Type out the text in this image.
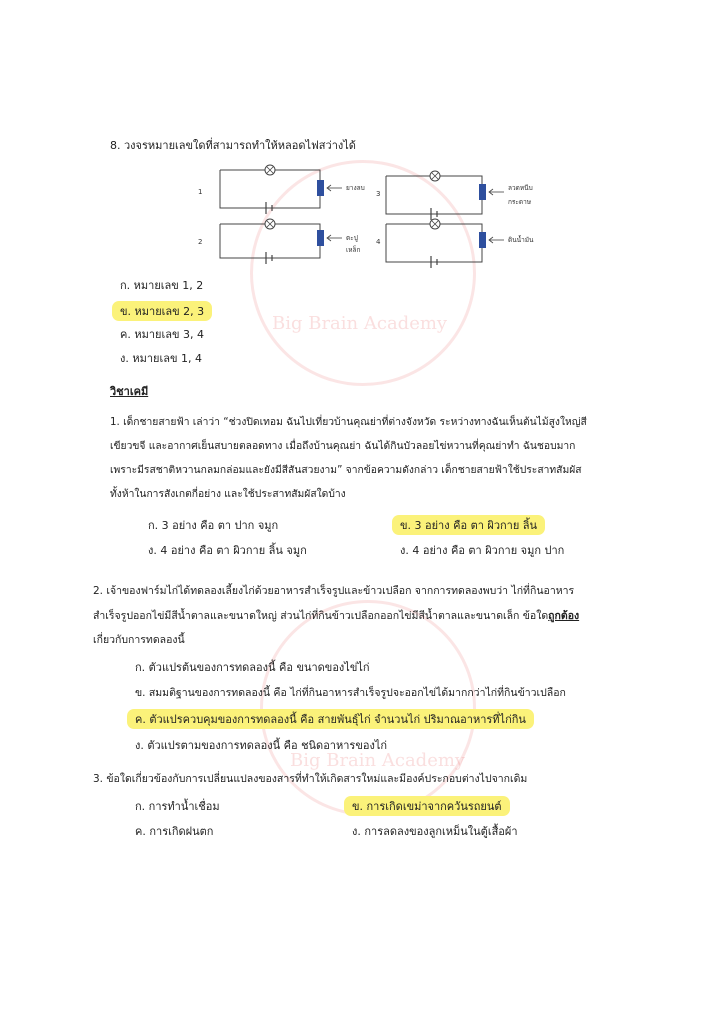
Big Brain Academy
Big Brain Academy
8. วงจรหมายเลขใดที่สามารถทำให้หลอดไฟสว่างได้
1
2
3
4
ยางลบ	ลวดหนีบ
กระดาษ
ตะปู
เหล็ก
ดินน้ำมัน
ก. หมายเลข 1, 2
ข. หมายเลข 2, 3
ค. หมายเลข 3, 4
ง. หมายเลข 1, 4
วิชาเคมี
1. เด็กชายสายฟ้า เล่าว่า “ช่วงปิดเทอม ฉันไปเที่ยวบ้านคุณย่าที่ต่างจังหวัด ระหว่างทางฉันเห็นต้นไม้สูงใหญ่สี
เขียวขจี และอากาศเย็นสบายตลอดทาง เมื่อถึงบ้านคุณย่า ฉันได้กินบัวลอยไข่หวานที่คุณย่าทำ ฉันชอบมาก
เพราะมีรสชาติหวานกลมกล่อมและยังมีสีสันสวยงาม” จากข้อความดังกล่าว เด็กชายสายฟ้าใช้ประสาทสัมผัส
ทั้งห้าในการสังเกตกี่อย่าง และใช้ประสาทสัมผัสใดบ้าง
ก. 3 อย่าง คือ ตา ปาก จมูก	ข. 3 อย่าง คือ ตา ผิวกาย ลิ้น
ง. 4 อย่าง คือ ตา ผิวกาย ลิ้น จมูก	ง. 4 อย่าง คือ ตา ผิวกาย จมูก ปาก
2. เจ้าของฟาร์มไก่ได้ทดลองเลี้ยงไก่ด้วยอาหารสำเร็จรูปและข้าวเปลือก จากการทดลองพบว่า ไก่ที่กินอาหาร
สำเร็จรูปออกไข่มีสีน้ำตาลและขนาดใหญ่ ส่วนไก่ที่กินข้าวเปลือกออกไข่มีสีน้ำตาลและขนาดเล็ก ข้อใดถูกต้อง
เกี่ยวกับการทดลองนี้
ก. ตัวแปรต้นของการทดลองนี้ คือ ขนาดของไข่ไก่
ข. สมมติฐานของการทดลองนี้ คือ ไก่ที่กินอาหารสำเร็จรูปจะออกไข่ได้มากกว่าไก่ที่กินข้าวเปลือก
ค. ตัวแปรควบคุมของการทดลองนี้ คือ สายพันธุ์ไก่ จำนวนไก่ ปริมาณอาหารที่ไก่กิน
ง. ตัวแปรตามของการทดลองนี้ คือ ชนิดอาหารของไก่
3. ข้อใดเกี่ยวข้องกับการเปลี่ยนแปลงของสารที่ทำให้เกิดสารใหม่และมีองค์ประกอบต่างไปจากเดิม
ก. การทำน้ำเชื่อม	ข. การเกิดเขม่าจากควันรถยนต์
ค. การเกิดฝนตก	ง. การลดลงของลูกเหม็นในตู้เสื้อผ้า
